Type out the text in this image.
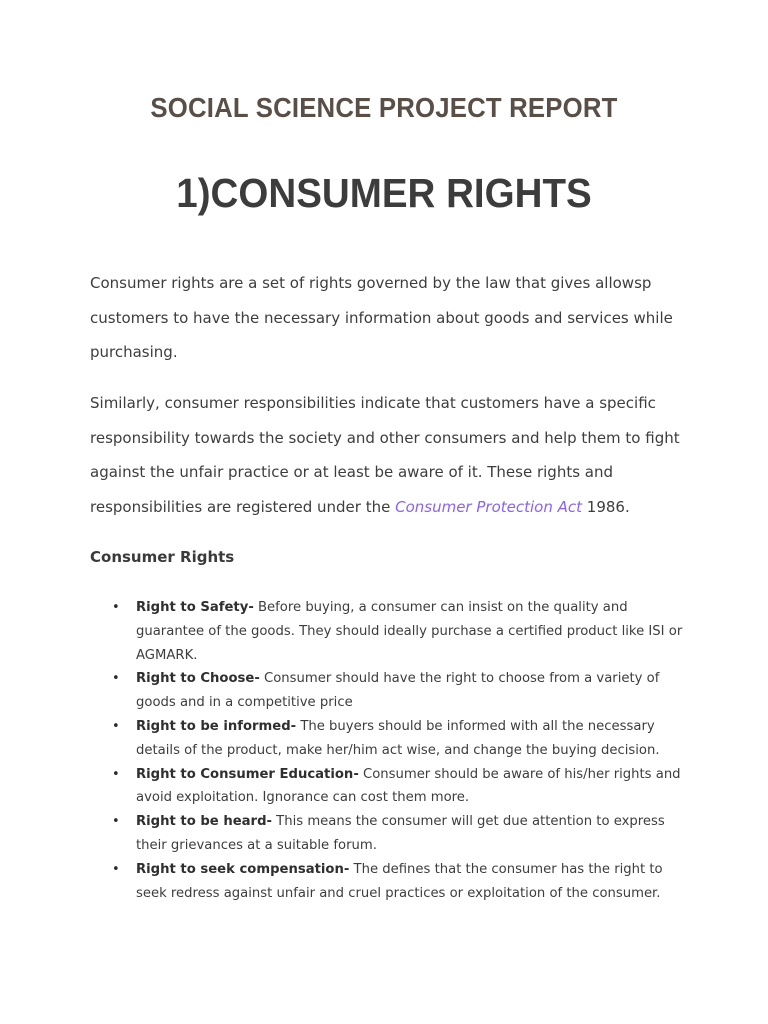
SOCIAL SCIENCE PROJECT REPORT
1)CONSUMER RIGHTS

Consumer rights are a set of rights governed by the law that gives allowsp customers to have the necessary information about goods and services while purchasing.

Similarly, consumer responsibilities indicate that customers have a specific responsibility towards the society and other consumers and help them to fight against the unfair practice or at least be aware of it. These rights and responsibilities are registered under the Consumer Protection Act 1986.

Consumer Rights
• Right to Safety- Before buying, a consumer can insist on the quality and guarantee of the goods. They should ideally purchase a certified product like ISI or AGMARK.
• Right to Choose- Consumer should have the right to choose from a variety of goods and in a competitive price
• Right to be informed- The buyers should be informed with all the necessary details of the product, make her/him act wise, and change the buying decision.
• Right to Consumer Education- Consumer should be aware of his/her rights and avoid exploitation. Ignorance can cost them more.
• Right to be heard- This means the consumer will get due attention to express their grievances at a suitable forum.
• Right to seek compensation- The defines that the consumer has the right to seek redress against unfair and cruel practices or exploitation of the consumer.
